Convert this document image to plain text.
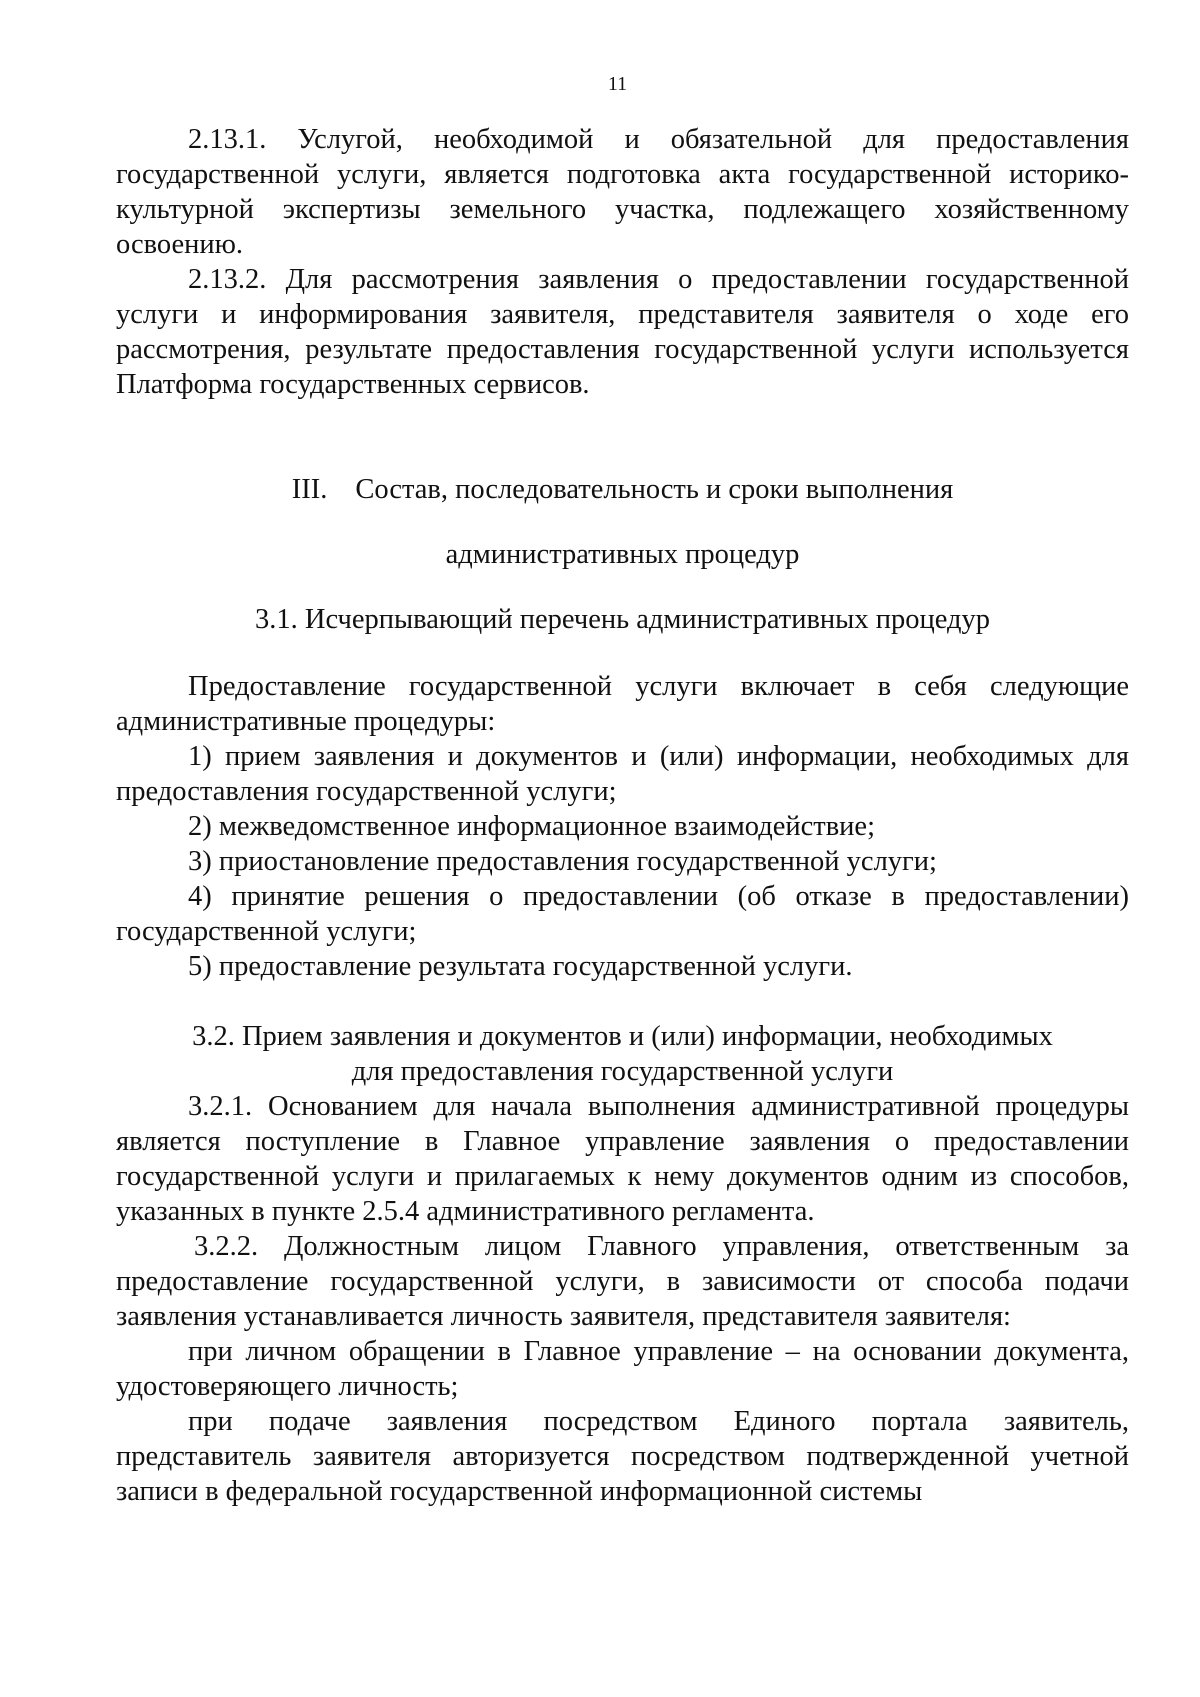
11

2.13.1. Услугой, необходимой и обязательной для предоставления государственной услуги, является подготовка акта государственной историко-культурной экспертизы земельного участка, подлежащего хозяйственному освоению.

2.13.2. Для рассмотрения заявления о предоставлении государственной услуги и информирования заявителя, представителя заявителя о ходе его рассмотрения, результате предоставления государственной услуги используется Платформа государственных сервисов.

III. Состав, последовательность и сроки выполнения

административных процедур

3.1. Исчерпывающий перечень административных процедур

Предоставление государственной услуги включает в себя следующие административные процедуры:

1) прием заявления и документов и (или) информации, необходимых для предоставления государственной услуги;

2) межведомственное информационное взаимодействие;

3) приостановление предоставления государственной услуги;

4) принятие решения о предоставлении (об отказе в предоставлении) государственной услуги;

5) предоставление результата государственной услуги.

3.2. Прием заявления и документов и (или) информации, необходимых

для предоставления государственной услуги

3.2.1. Основанием для начала выполнения административной процедуры является поступление в Главное управление заявления о предоставлении государственной услуги и прилагаемых к нему документов одним из способов, указанных в пункте 2.5.4 административного регламента.

3.2.2. Должностным лицом Главного управления, ответственным за предоставление государственной услуги, в зависимости от способа подачи заявления устанавливается личность заявителя, представителя заявителя:

при личном обращении в Главное управление – на основании документа, удостоверяющего личность;

при подаче заявления посредством Единого портала заявитель, представитель заявителя авторизуется посредством подтвержденной учетной записи в федеральной государственной информационной системы
